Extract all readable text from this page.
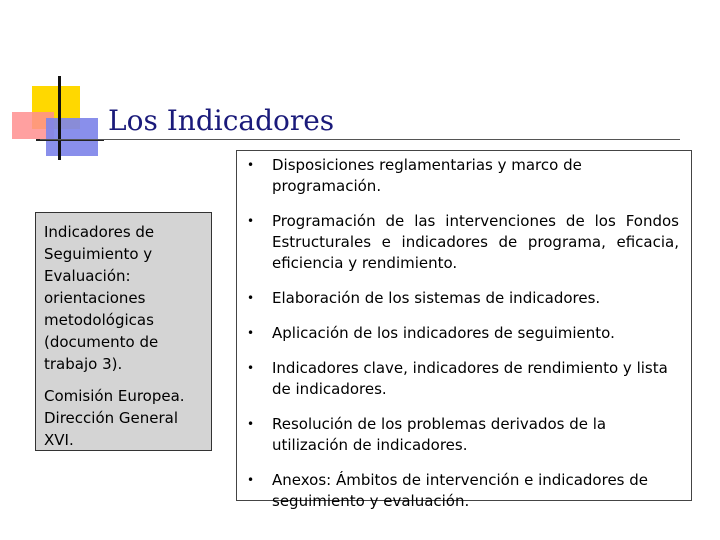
Los Indicadores

Indicadores de Seguimiento y Evaluación: orientaciones metodológicas (documento de trabajo 3).

Comisión Europea. Dirección General XVI.

• Disposiciones reglamentarias y marco de programación.
• Programación de las intervenciones de los Fondos Estructurales e indicadores de programa, eficacia, eficiencia y rendimiento.
• Elaboración de los sistemas de indicadores.
• Aplicación de los indicadores de seguimiento.
• Indicadores clave, indicadores de rendimiento y lista de indicadores.
• Resolución de los problemas derivados de la utilización de indicadores.
• Anexos: Ámbitos de intervención e indicadores de seguimiento y evaluación.
